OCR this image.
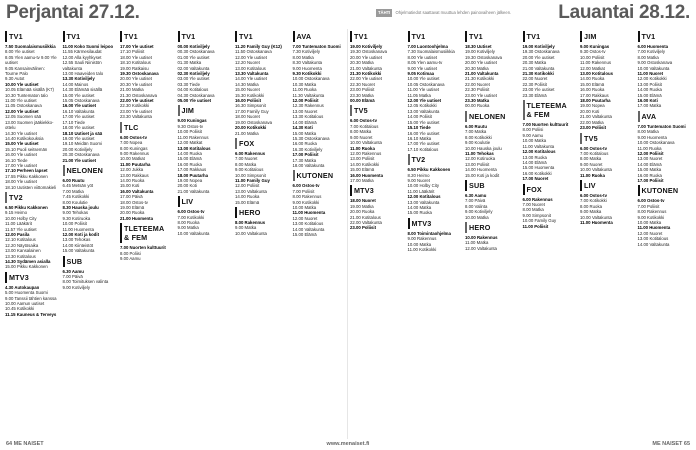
Perjantai 27.12.	TÄHTI Ohjelmatiedot saattavat muuttua lehden painovaiheen jälkeen.	Lauantai 28.12.
TV1
7.50 Suomalaismusiikkia
8.00 Yle uutiset
8.05 Ylen aamu-tv 9.00 Yle uutiset
9.05 Kansainvälinen: Tourne Palo
9.30 Autot
10.00 Yle uutiset
10.05 Elämää sisällä (K7)
10.30 Tuntematon talo
11.00 Yle uutiset
11.05 Ostoskanava
12.00 Yle uutiset
12.05 Suomen sää
13.00 Suomen jääkiekko-ottelu
14.30 Yle uutiset
14.40 Kotikokouksia
15.00 Yle uutiset
15.10 Puoli seitsemän
16.00 Yle uutiset
16.10 Tiede
17.00 Yle uutiset
17.10 Perheen lapset
17.55 Pikku Kakkonen
18.00 Yle uutiset
18.10 Uutisten viittomakieli
TV2
6.50 Pikku Kakkonen
9.15 Heimo
10.00 Holby City
11.00 Lääkärit
11.57 Yle uutiset
12.00 Pasila
12.10 Kotitalous
12.20 Näytösaika
13.00 Kansalainen
13.30 Kotitalous
14.30 Sydämen asialla
15.00 Pikku Kakkonen
MTV3
4.30 Autokaupan
5.00 Huomenta Suomi
9.00 Tanssii tähtien kanssa
10.00 Aamun uutiset
10.45 Kotikokki
11.15 Kauneus & Terveys
TV1
11.00 Koko Suomi leipoo
11.55 Kärmesilaudat
12.00 Alla kyyhkyset
12.55 Sauli Niinistön valtakunta
13.00 Haaveiden talo
13.30 Kotiviljely
14.00 Mainos
14.30 Elämää sisällä
15.00 Yle uutiset
15.05 Ostoskanava
16.00 Yle uutiset
16.10 Valtakunta
17.00 Yle uutiset
17.10 Tiede
18.00 Yle uutiset
18.10 Uutiset ja sää
19.00 Yle uutiset
19.10 Meidän Suomi
20.00 Kotiviljely
20.30 Ostoskanava
21.00 Yle uutiset
NELONEN
6.00 Ruutu
6.45 Metsän yöt
7.00 Matka
7.45 Kotikokki
8.00 Koulutie
8.30 Hauska joulu
9.00 Tehokas
9.30 Kotiruoka
10.00 Poliisit
11.00 Huomenta
12.00 Koti ja kodit
13.00 Tehokas
14.00 Kiinteistöt
15.00 Valtakunta
SUB
6.30 Aamu
7.00 Päivä
8.00 Toimituksen valinta
9.00 Kotiviljely
TV1
17.00 Yle uutiset
17.10 Poliisit
18.00 Yle uutiset
18.10 Kotitalous
19.00 Ratkaisu
19.30 Ostoskanava
20.00 Yle uutiset
20.30 Yle uutiset
21.00 Matka
21.30 Ostoskanava
22.00 Yle uutiset
22.30 Kotikokki
23.00 Yle uutiset
23.30 Valtakunta
TLC
6.00 Ostos-tv
7.00 Nopea
8.00 Kuningas
9.00 Rakennus
10.00 Matkat
11.00 Puutarha
12.00 Jukka
13.00 Rakkaus
14.00 Ruoka
15.00 Koti
16.00 Valtakunta
17.00 Päivä
18.00 Ostos-tv
19.00 Elämä
20.00 Ruoka
21.00 Huomenta
TLETEEMA & FEM
7.00 Nuorten kulttuurit
8.00 Poliisi
9.00 Aamu
TV1
00.00 Kotiviljely
00.30 Ostoskanava
01.00 Yle uutiset
01.30 Matka
02.00 Valtakunta
02.30 Kotiviljely
03.00 Yle uutiset
03.30 Tiede
04.00 Kotitalous
04.30 Ostoskanava
05.00 Yle uutiset
JIM
9.00 Kuningas
9.30 Ostos-tv
10.00 Poliisit
11.00 Rakennus
12.00 Matkat
13.00 Kotitalous
14.00 Ruoka
15.00 Elämä
16.00 Ruoka
17.00 Rakkaus
18.00 Puutarha
19.00 Nopea
20.00 Koti
21.00 Valtakunta
LIV
6.00 Ostos-tv
7.00 Kotikokki
8.00 Ruoka
9.00 Matka
10.00 Valtakunta
TV1
11.20 Family Guy (K12)
11.50 Ostoskanava
12.00 Yle uutiset
12.20 Nuoret
13.00 Kotitalous
13.30 Valtakunta
14.00 Yle uutiset
14.30 Matka
15.00 Nuoret
15.30 Kotikokki
16.00 Poliisit
16.30 Simpsonit
17.00 Family Guy
18.00 Nuoret
19.00 Ostoskanava
20.00 Kotikokki
21.00 Matka
FOX
6.00 Rakennus
7.00 Nuoret
8.00 Matka
9.00 Kotitalous
10.00 Simpsonit
11.00 Family Guy
12.00 Poliisit
13.00 Valtakunta
14.00 Ruoka
15.00 Elämä
HERO
8.00 Rakennus
9.00 Matka
10.00 Valtakunta
AVA
7.00 Tuntematon Suomi
7.30 Kotiviljely
8.00 Matka
8.30 Valtakunta
9.00 Huomenta
9.30 Kotikokki
10.00 Ostoskanava
10.30 Matka
11.00 Ruoka
11.30 Valtakunta
12.00 Poliisit
12.30 Rakennus
13.00 Nuoret
13.30 Kotitalous
14.00 Elämä
14.30 Koti
15.00 Matka
15.30 Ostoskanava
16.00 Ruoka
16.30 Kotiviljely
17.00 Poliisit
17.30 Matka
18.00 Valtakunta
KUTONEN
6.00 Ostos-tv
7.00 Poliisit
8.00 Rakennus
9.00 Kotikokki
10.00 Matka
11.00 Huomenta
12.00 Nuoret
13.00 Kotitalous
14.00 Valtakunta
15.00 Elämä
TV1
19.00 Kotiviljely
19.30 Ostoskanava
20.00 Yle uutiset
20.30 Matka
21.00 Valtakunta
21.30 Kotikokki
22.00 Yle uutiset
22.30 Nuoret
23.00 Poliisit
23.30 Matka
00.00 Elämä
TV5
6.00 Ostos-tv
7.00 Kotitalous
8.00 Matka
9.00 Nuoret
10.00 Valtakunta
11.00 Ruoka
12.00 Rakennus
13.00 Poliisit
14.00 Kotikokki
15.00 Elämä
16.00 Huomenta
17.00 Matka
MTV3
18.00 Nuoret
19.00 Matka
20.00 Ruoka
21.00 Kotitalous
22.00 Valtakunta
23.00 Poliisit
TV1
7.00 Luontoohjelma
7.30 Suomalaismusiikkia
8.00 Yle uutiset
8.05 Ylen aamu-tv
9.00 Yle uutiset
9.05 Kotimaa
10.00 Yle uutiset
10.05 Ostoskanava
11.00 Yle uutiset
11.05 Matka
12.00 Yle uutiset
12.05 Kotikokki
13.00 Valtakunta
14.00 Poliisit
15.00 Yle uutiset
15.10 Tiede
16.00 Yle uutiset
16.10 Matka
17.00 Yle uutiset
17.10 Kotitalous
TV2
6.50 Pikku Kakkonen
8.20 Heimo
9.00 Nuoret
10.00 Holby City
11.00 Lääkärit
12.00 Kotitalous
13.00 Valtakunta
14.00 Matka
15.00 Ruoka
MTV3
8.00 Toimintaohjelma
9.00 Rakennus
10.00 Matka
11.00 Kotikokki
TV1
18.30 Uutiset
19.00 Kotiviljely
19.30 Ostoskanava
20.00 Yle uutiset
20.30 Matka
21.00 Valtakunta
21.30 Kotikokki
22.00 Nuoret
22.30 Poliisit
23.00 Yle uutiset
23.30 Matka
00.00 Ruoka
NELONEN
6.00 Ruutu
7.00 Matka
8.00 Kotikokki
9.00 Koulutie
10.00 Hauska joulu
11.00 Tehokas
12.00 Kotiruoka
13.00 Poliisit
14.00 Huomenta
15.00 Koti ja kodit
SUB
6.30 Aamu
7.00 Päivä
8.00 Valinta
9.00 Kotiviljely
10.00 Matka
HERO
10.00 Rakennus
11.00 Matka
12.00 Valtakunta
TV1
19.00 Kotiviljely
19.30 Ostoskanava
20.00 Yle uutiset
20.30 Matka
21.00 Valtakunta
21.30 Kotikokki
22.00 Nuoret
22.30 Poliisit
23.00 Yle uutiset
23.30 Elämä
TLETEEMA & FEM
7.00 Nuorten kulttuurit
8.00 Poliisi
9.00 Aamu
10.00 Matka
11.00 Valtakunta
12.00 Kotitalous
13.00 Ruoka
14.00 Elämä
15.00 Huomenta
16.00 Kotikokki
17.00 Nuoret
FOX
6.00 Rakennus
7.00 Nuoret
8.00 Matka
9.00 Simpsonit
10.00 Family Guy
11.00 Poliisit
JIM
9.00 Kuningas
9.30 Ostos-tv
10.00 Poliisit
11.00 Rakennus
12.00 Matkat
13.00 Kotitalous
14.00 Ruoka
15.00 Elämä
16.00 Ruoka
17.00 Rakkaus
18.00 Puutarha
19.00 Nopea
20.00 Koti
21.00 Valtakunta
22.00 Matka
23.00 Poliisit
TV5
6.00 Ostos-tv
7.00 Kotitalous
8.00 Matka
9.00 Nuoret
10.00 Valtakunta
11.00 Ruoka
LIV
6.00 Ostos-tv
7.00 Kotikokki
8.00 Ruoka
9.00 Matka
10.00 Valtakunta
11.00 Huomenta
TV1
6.00 Huomenta
7.00 Kotiviljely
8.00 Matka
9.00 Ostoskanava
10.00 Valtakunta
11.00 Nuoret
12.00 Kotikokki
13.00 Poliisit
14.00 Ruoka
15.00 Elämä
16.00 Koti
17.00 Matka
AVA
7.00 Tuntematon Suomi
8.00 Matka
9.00 Huomenta
10.00 Ostoskanava
11.00 Ruoka
12.00 Poliisit
13.00 Nuoret
14.00 Elämä
15.00 Matka
16.00 Ruoka
17.00 Poliisit
KUTONEN
6.00 Ostos-tv
7.00 Poliisit
8.00 Rakennus
9.00 Kotikokki
10.00 Matka
11.00 Huomenta
12.00 Nuoret
13.00 Kotitalous
14.00 Valtakunta
64 ME NAISET	www.menaiset.fi	ME NAISET 65
